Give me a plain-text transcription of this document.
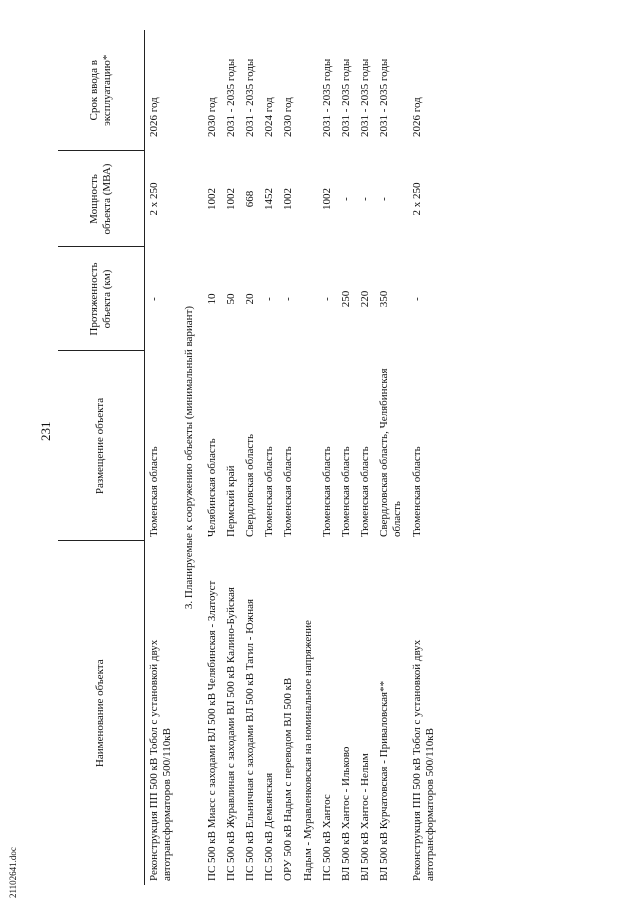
231
21102641.doc
Наименование объекта	Размещение объекта	Протяженность объекта (км)	Мощность объекта (МВА)	Срок ввода в эксплуатацию*
Реконструкция ПП 500 кВ Тобол с установкой двух автотрансформаторов 500/110кВ	Тюменская область	-	2 x 250	2026 год
3. Планируемые к сооружению объекты (минимальный вариант)				
ПС 500 кВ Миасс с заходами ВЛ 500 кВ Челябинская - Златоуст	Челябинская область	10	1002	2030 год
ПС 500 кВ Журавлиная с заходами ВЛ 500 кВ Калино-Буйская	Пермский край	50	1002	2031 - 2035 годы
ПС 500 кВ Ельничная с заходами ВЛ 500 кВ Тагил - Южная	Свердловская область	20	668	2031 - 2035 годы
ПС 500 кВ Демьянская	Тюменская область	-	1452	2024 год
ОРУ 500 кВ Надым с переводом ВЛ 500 кВ	Тюменская область	-	1002	2030 год
Надым - Муравленковская на номинальное напряжение				
ПС 500 кВ Хантос	Тюменская область	-	1002	2031 - 2035 годы
ВЛ 500 кВ Хантос - Ильково	Тюменская область	250	-	2031 - 2035 годы
ВЛ 500 кВ Хантос - Нелым	Тюменская область	220	-	2031 - 2035 годы
ВЛ 500 кВ Курчатовская - Приваловская**	Свердловская область, Челябинская область	350	-	2031 - 2035 годы
Реконструкция ПП 500 кВ Тобол с установкой двух автотрансформаторов 500/110кВ	Тюменская область	-	2 x 250	2026 год
